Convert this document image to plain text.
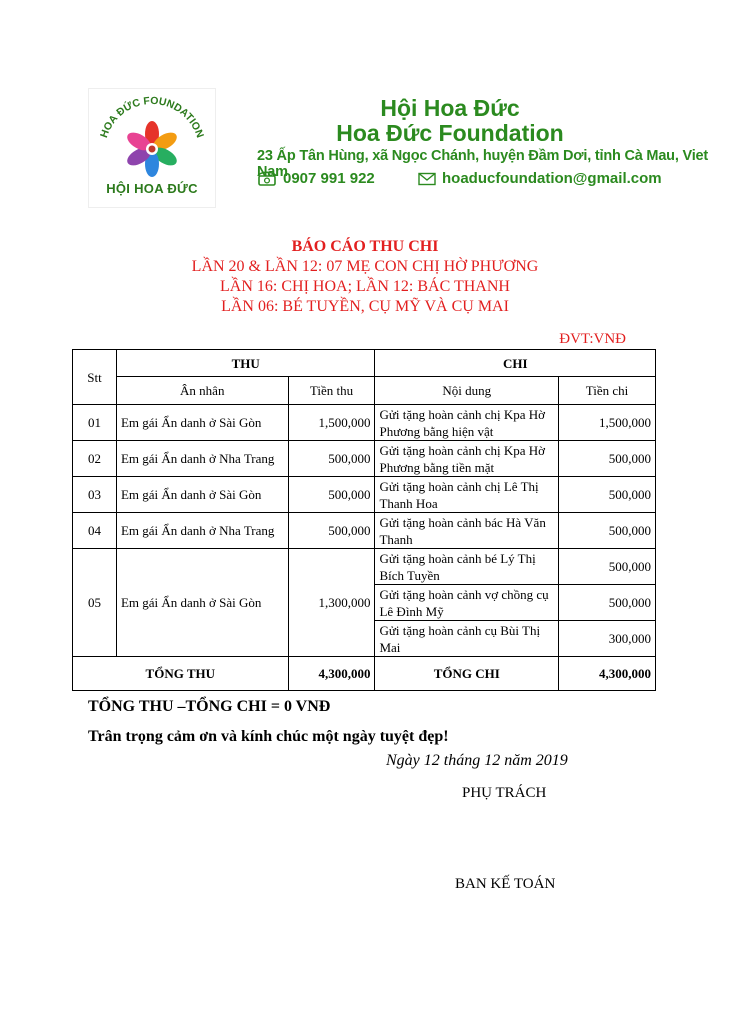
HOA ĐỨC FOUNDATION
HỘI HOA ĐỨC
Hội Hoa Đức
Hoa Đức Foundation
23 Ấp Tân Hùng, xã Ngọc Chánh, huyện Đầm Dơi, tỉnh Cà Mau, Viet Nam
0907 991 922	hoaducfoundation@gmail.com
BÁO CÁO THU CHI
LẦN 20 & LẦN 12: 07 MẸ CON CHỊ HỜ PHƯƠNG
LẦN 16: CHỊ HOA; LẦN 12: BÁC THANH
LẦN 06: BÉ TUYỀN, CỤ MỸ VÀ CỤ MAI
ĐVT:VNĐ
Stt	THU		CHI	
	Ân nhân	Tiền thu	Nội dung	Tiền chi
01	Em gái Ẩn danh ở Sài Gòn	1,500,000	Gửi tặng hoàn cảnh chị Kpa Hờ Phương bằng hiện vật	1,500,000
02	Em gái Ẩn danh ở Nha Trang	500,000	Gửi tặng hoàn cảnh chị Kpa Hờ Phương bằng tiền mặt	500,000
03	Em gái Ẩn danh ở Sài Gòn	500,000	Gửi tặng hoàn cảnh chị Lê Thị Thanh Hoa	500,000
04	Em gái Ẩn danh ở Nha Trang	500,000	Gửi tặng hoàn cảnh bác Hà Văn Thanh	500,000
05	Em gái Ẩn danh ở Sài Gòn	1,300,000	Gửi tặng hoàn cảnh bé Lý Thị Bích Tuyền	500,000
			Gửi tặng hoàn cảnh vợ chồng cụ Lê Đình Mỹ	500,000
			Gửi tặng hoàn cảnh cụ Bùi Thị Mai	300,000
TỔNG THU		4,300,000	TỔNG CHI	4,300,000
TỔNG THU –TỔNG CHI = 0 VNĐ
Trân trọng cảm ơn và kính chúc một ngày tuyệt đẹp!
Ngày 12 tháng 12 năm 2019
PHỤ TRÁCH
BAN KẾ TOÁN
